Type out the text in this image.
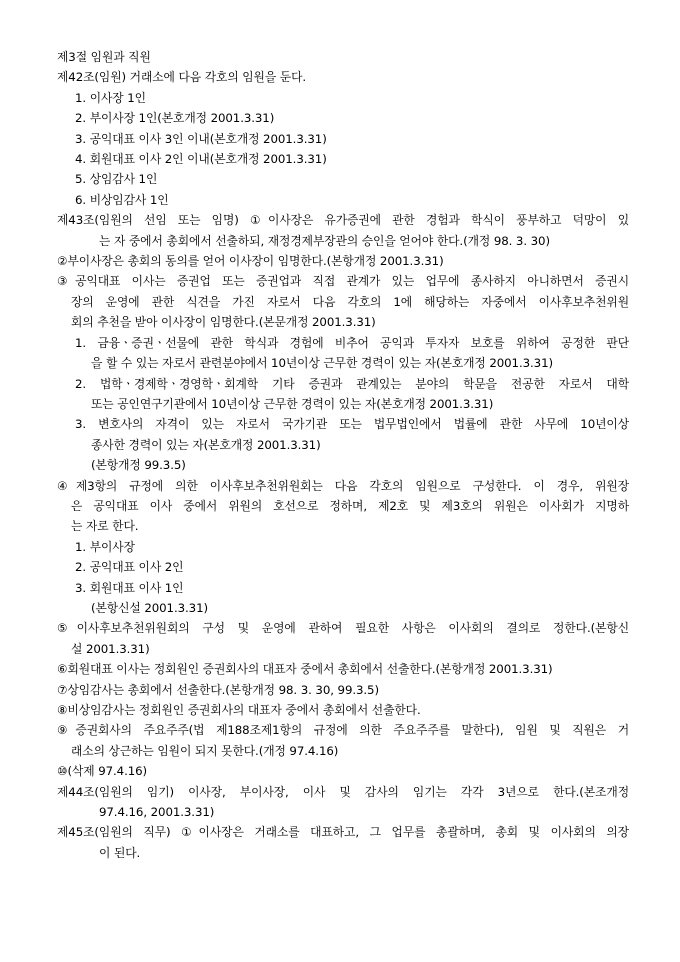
제3절 임원과 직원
제42조(임원) 거래소에 다음 각호의 임원을 둔다.
1. 이사장 1인
2. 부이사장 1인(본호개정 2001.3.31)
3. 공익대표 이사 3인 이내(본호개정 2001.3.31)
4. 회원대표 이사 2인 이내(본호개정 2001.3.31)
5. 상임감사 1인
6. 비상임감사 1인
제43조(임원의 선임 또는 임명) ①이사장은 유가증권에 관한 경험과 학식이 풍부하고 덕망이 있
는 자 중에서 총회에서 선출하되, 재정경제부장관의 승인을 얻어야 한다.(개정 98. 3. 30)
②부이사장은 총회의 동의를 얻어 이사장이 임명한다.(본항개정 2001.3.31)
③공익대표 이사는 증권업 또는 증권업과 직접 관계가 있는 업무에 종사하지 아니하면서 증권시
장의 운영에 관한 식견을 가진 자로서 다음 각호의 1에 해당하는 자중에서 이사후보추천위원
회의 추천을 받아 이사장이 임명한다.(본문개정 2001.3.31)
1. 금융ㆍ증권ㆍ선물에 관한 학식과 경험에 비추어 공익과 투자자 보호를 위하여 공정한 판단
을 할 수 있는 자로서 관련분야에서 10년이상 근무한 경력이 있는 자(본호개정 2001.3.31)
2. 법학ㆍ경제학ㆍ경영학ㆍ회계학 기타 증권과 관계있는 분야의 학문을 전공한 자로서 대학
또는 공인연구기관에서 10년이상 근무한 경력이 있는 자(본호개정 2001.3.31)
3. 변호사의 자격이 있는 자로서 국가기관 또는 법무법인에서 법률에 관한 사무에 10년이상
종사한 경력이 있는 자(본호개정 2001.3.31)
(본항개정 99.3.5)
④제3항의 규정에 의한 이사후보추천위원회는 다음 각호의 임원으로 구성한다. 이 경우, 위원장
은 공익대표 이사 중에서 위원의 호선으로 정하며, 제2호 및 제3호의 위원은 이사회가 지명하
는 자로 한다.
1. 부이사장
2. 공익대표 이사 2인
3. 회원대표 이사 1인
(본항신설 2001.3.31)
⑤이사후보추천위원회의 구성 및 운영에 관하여 필요한 사항은 이사회의 결의로 정한다.(본항신
설 2001.3.31)
⑥회원대표 이사는 정회원인 증권회사의 대표자 중에서 총회에서 선출한다.(본항개정 2001.3.31)
⑦상임감사는 총회에서 선출한다.(본항개정 98. 3. 30, 99.3.5)
⑧비상임감사는 정회원인 증권회사의 대표자 중에서 총회에서 선출한다.
⑨증권회사의 주요주주(법 제188조제1항의 규정에 의한 주요주주를 말한다), 임원 및 직원은 거
래소의 상근하는 임원이 되지 못한다.(개정 97.4.16)
⑩(삭제 97.4.16)
제44조(임원의 임기) 이사장, 부이사장, 이사 및 감사의 임기는 각각 3년으로 한다.(본조개정
97.4.16, 2001.3.31)
제45조(임원의 직무) ①이사장은 거래소를 대표하고, 그 업무를 총괄하며, 총회 및 이사회의 의장
이 된다.
